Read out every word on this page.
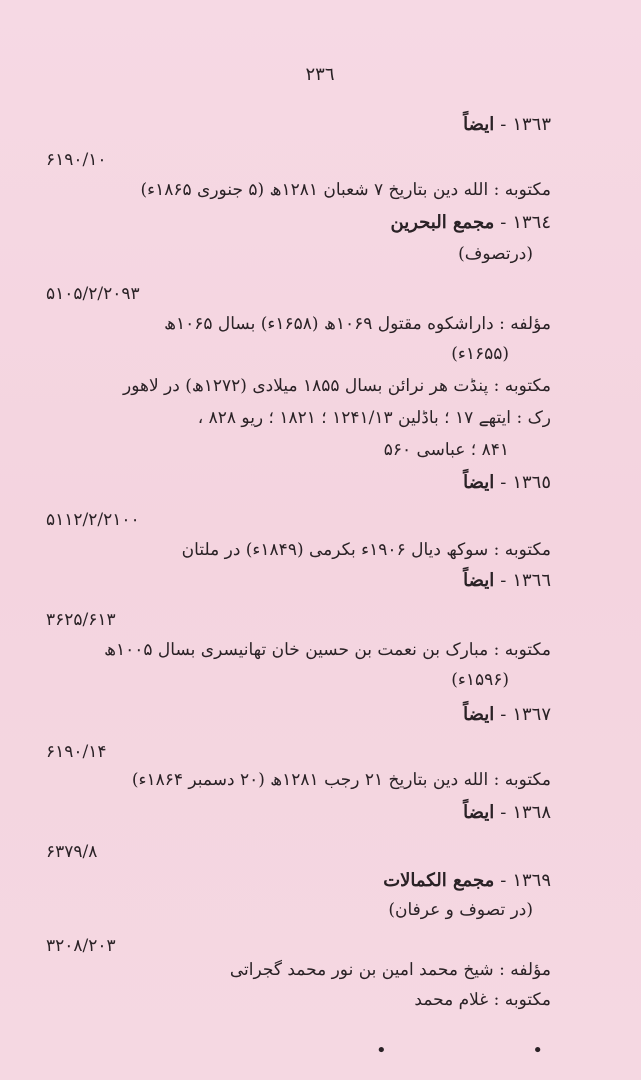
۲۳٦
١٣٦٣-ایضاً
۶۱۹۰/۱۰
مکتوبه : الله دین بتاریخ ۷ شعبان ۱۲۸۱ھ (۵ جنوری ۱۸۶۵ء)
١٣٦٤-مجمع البحرین
(درتصوف)
۵۱۰۵/۲/۲۰۹۳
مؤلفه : داراشکوه مقتول ۱۰۶۹ھ (۱۶۵۸ء) بسال ۱۰۶۵ھ
(۱۶۵۵ء)
مکتوبه : پنڈت هر نرائن بسال ۱۸۵۵ میلادی (۱۲۷۲ھ) در لاهور
رک : ایتھے ۱۷ ؛ باڈلین ۱۲۴۱/۱۳ ؛ ۱۸۲۱ ؛ ریو ۸۲۸ ،
۸۴۱ ؛ عباسی ۵۶۰
١٣٦٥-ایضاً
۵۱۱۲/۲/۲۱۰۰
مکتوبه : سوکھ دیال ۱۹۰۶ء بکرمی (۱۸۴۹ء) در ملتان
١٣٦٦-ایضاً
۳۶۲۵/۶۱۳
مکتوبه : مبارک بن نعمت بن حسین خان تھانیسری بسال ۱۰۰۵ھ
(۱۵۹۶ء)
١٣٦٧-ایضاً
۶۱۹۰/۱۴
مکتوبه : الله دین بتاریخ ۲۱ رجب ۱۲۸۱ھ (۲۰ دسمبر ۱۸۶۴ء)
١٣٦٨-ایضاً
۶۳۷۹/۸
١٣٦٩-مجمع الکمالات
(در تصوف و عرفان)
۳۲۰۸/۲۰۳
مؤلفه : شیخ محمد امین بن نور محمد گجراتی
مکتوبه : غلام محمد
• •
